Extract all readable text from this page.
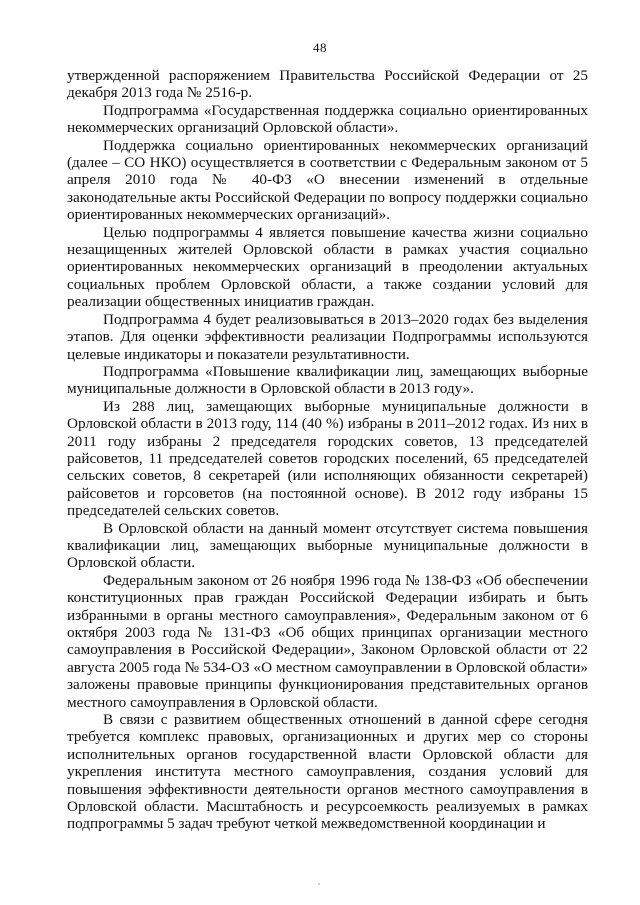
48

утвержденной распоряжением Правительства Российской Федерации от 25 декабря 2013 года № 2516-р.

Подпрограмма «Государственная поддержка социально ориентированных некоммерческих организаций Орловской области».

Поддержка социально ориентированных некоммерческих организаций (далее – СО НКО) осуществляется в соответствии с Федеральным законом от 5 апреля 2010 года № 40-ФЗ «О внесении изменений в отдельные законодательные акты Российской Федерации по вопросу поддержки социально ориентированных некоммерческих организаций».

Целью подпрограммы 4 является повышение качества жизни социально незащищенных жителей Орловской области в рамках участия социально ориентированных некоммерческих организаций в преодолении актуальных социальных проблем Орловской области, а также создании условий для реализации общественных инициатив граждан.

Подпрограмма 4 будет реализовываться в 2013–2020 годах без выделения этапов. Для оценки эффективности реализации Подпрограммы используются целевые индикаторы и показатели результативности.

Подпрограмма «Повышение квалификации лиц, замещающих выборные муниципальные должности в Орловской области в 2013 году».

Из 288 лиц, замещающих выборные муниципальные должности в Орловской области в 2013 году, 114 (40 %) избраны в 2011–2012 годах. Из них в 2011 году избраны 2 председателя городских советов, 13 председателей райсоветов, 11 председателей советов городских поселений, 65 председателей сельских советов, 8 секретарей (или исполняющих обязанности секретарей) райсоветов и горсоветов (на постоянной основе). В 2012 году избраны 15 председателей сельских советов.

В Орловской области на данный момент отсутствует система повышения квалификации лиц, замещающих выборные муниципальные должности в Орловской области.

Федеральным законом от 26 ноября 1996 года № 138-ФЗ «Об обеспечении конституционных прав граждан Российской Федерации избирать и быть избранными в органы местного самоуправления», Федеральным законом от 6 октября 2003 года № 131-ФЗ «Об общих принципах организации местного самоуправления в Российской Федерации», Законом Орловской области от 22 августа 2005 года № 534-ОЗ «О местном самоуправлении в Орловской области» заложены правовые принципы функционирования представительных органов местного самоуправления в Орловской области.

В связи с развитием общественных отношений в данной сфере сегодня требуется комплекс правовых, организационных и других мер со стороны исполнительных органов государственной власти Орловской области для укрепления института местного самоуправления, создания условий для повышения эффективности деятельности органов местного самоуправления в Орловской области. Масштабность и ресурсоемкость реализуемых в рамках подпрограммы 5 задач требуют четкой межведомственной координации и
